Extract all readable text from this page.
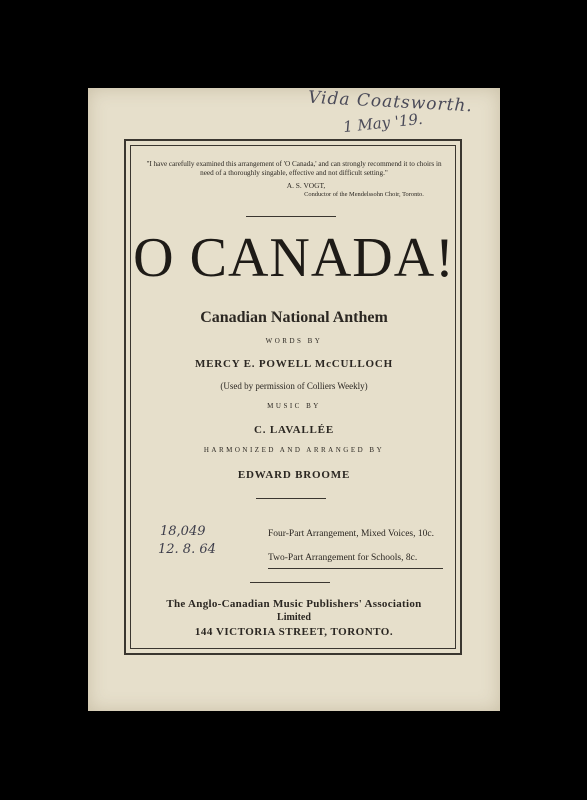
Vida Coatsworth.
1 May '19.
"I have carefully examined this arrangement of 'O Canada,' and can strongly recommend it to choirs in need of a thoroughly singable, effective and not difficult setting."
A. S. VOGT,
Conductor of the Mendelssohn Choir, Toronto.
O CANADA!
Canadian National Anthem
WORDS BY
MERCY E. POWELL McCULLOCH
(Used by permission of Colliers Weekly)
MUSIC BY
C. LAVALLÉE
HARMONIZED AND ARRANGED BY
EDWARD BROOME
18,049
12. 8. 64
Four-Part Arrangement, Mixed Voices, 10c.
Two-Part Arrangement for Schools, 8c.
The Anglo-Canadian Music Publishers' Association
Limited
144 VICTORIA STREET, TORONTO.
